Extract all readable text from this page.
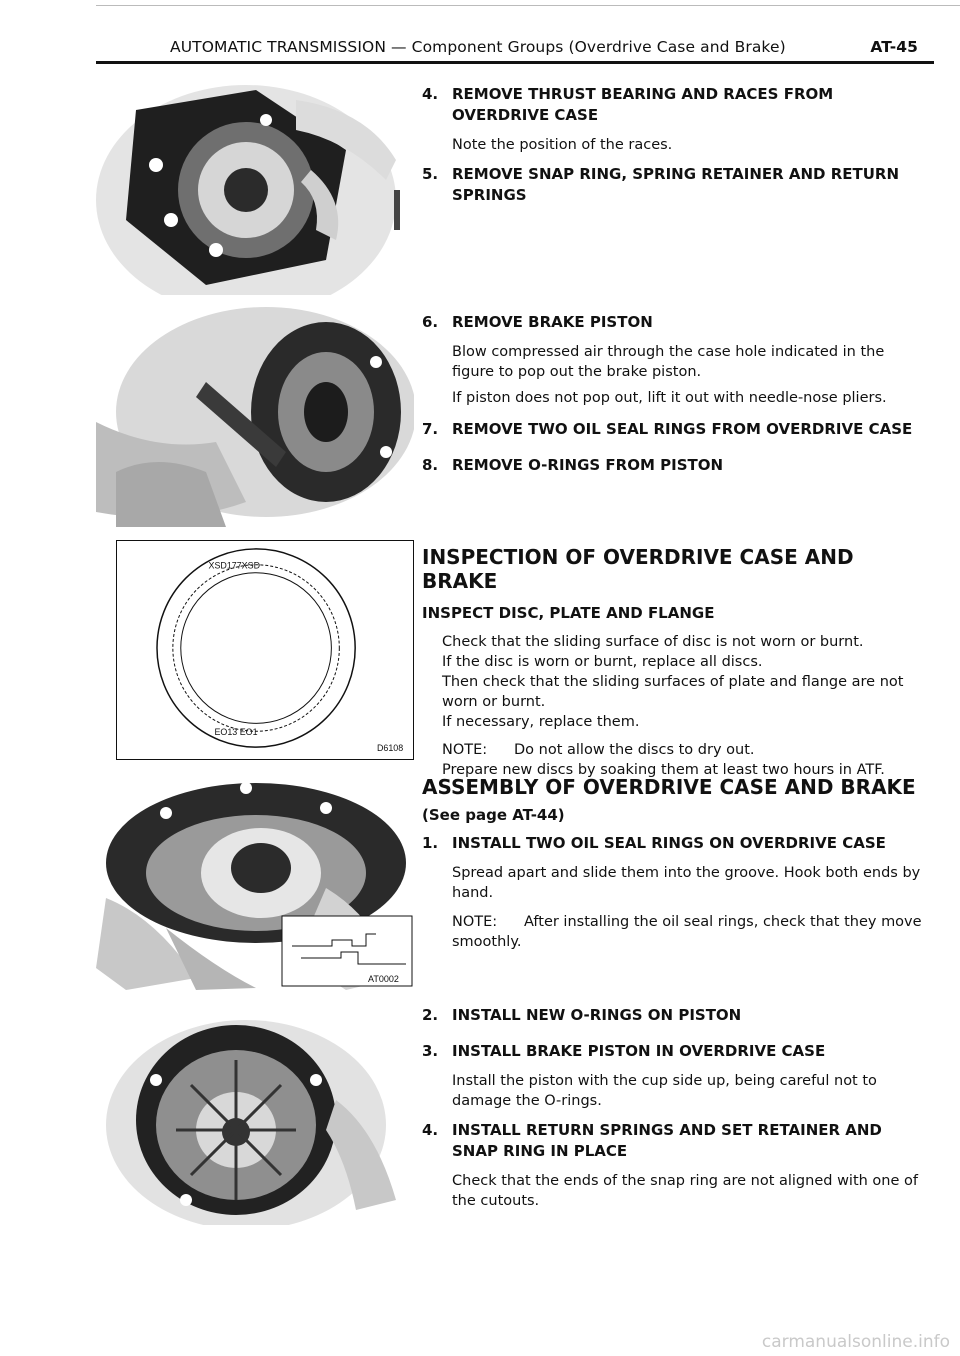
AUTOMATIC TRANSMISSION — Component Groups (Overdrive Case and Brake)	AT-45
XSD177XSD
EO13 EO1
D6108
AT0002
4. REMOVE THRUST BEARING AND RACES FROM OVERDRIVE CASE
Note the position of the races.
5. REMOVE SNAP RING, SPRING RETAINER AND RETURN SPRINGS
6. REMOVE BRAKE PISTON
Blow compressed air through the case hole indicated in the figure to pop out the brake piston.
If piston does not pop out, lift it out with needle-nose pliers.
7. REMOVE TWO OIL SEAL RINGS FROM OVERDRIVE CASE
8. REMOVE O-RINGS FROM PISTON
INSPECTION OF OVERDRIVE CASE AND BRAKE
INSPECT DISC, PLATE AND FLANGE
Check that the sliding surface of disc is not worn or burnt.
If the disc is worn or burnt, replace all discs.
Then check that the sliding surfaces of plate and flange are not worn or burnt.
If necessary, replace them.
NOTE: Do not allow the discs to dry out.
Prepare new discs by soaking them at least two hours in ATF.
ASSEMBLY OF OVERDRIVE CASE AND BRAKE
(See page AT-44)
1. INSTALL TWO OIL SEAL RINGS ON OVERDRIVE CASE
Spread apart and slide them into the groove. Hook both ends by hand.
NOTE: After installing the oil seal rings, check that they move smoothly.
2. INSTALL NEW O-RINGS ON PISTON
3. INSTALL BRAKE PISTON IN OVERDRIVE CASE
Install the piston with the cup side up, being careful not to damage the O-rings.
4. INSTALL RETURN SPRINGS AND SET RETAINER AND SNAP RING IN PLACE
Check that the ends of the snap ring are not aligned with one of the cutouts.
carmanualsonline.info
